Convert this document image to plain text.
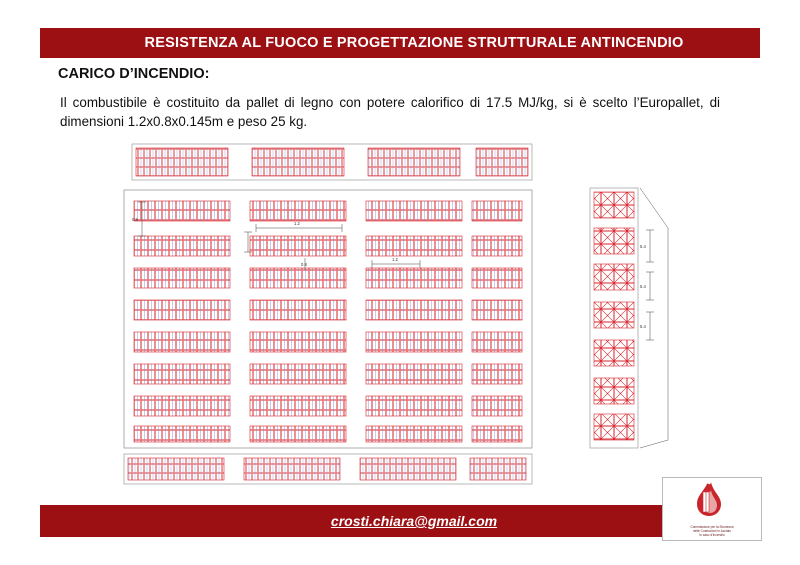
RESISTENZA AL FUOCO E PROGETTAZIONE STRUTTURALE ANTINCENDIO
CARICO D’INCENDIO:
Il combustibile è costituito da pallet di legno con potere calorifico di 17.5 MJ/kg, si è scelto l’Europallet, di dimensioni 1.2x0.8x0.145m e peso 25 kg.
0.8
1.2
0.8
1.2
5.4
5.4
5.4
crosti.chiara@gmail.com	Commissione per la Sicurezza
delle Costruzioni in Acciaio
in caso d’incendio
